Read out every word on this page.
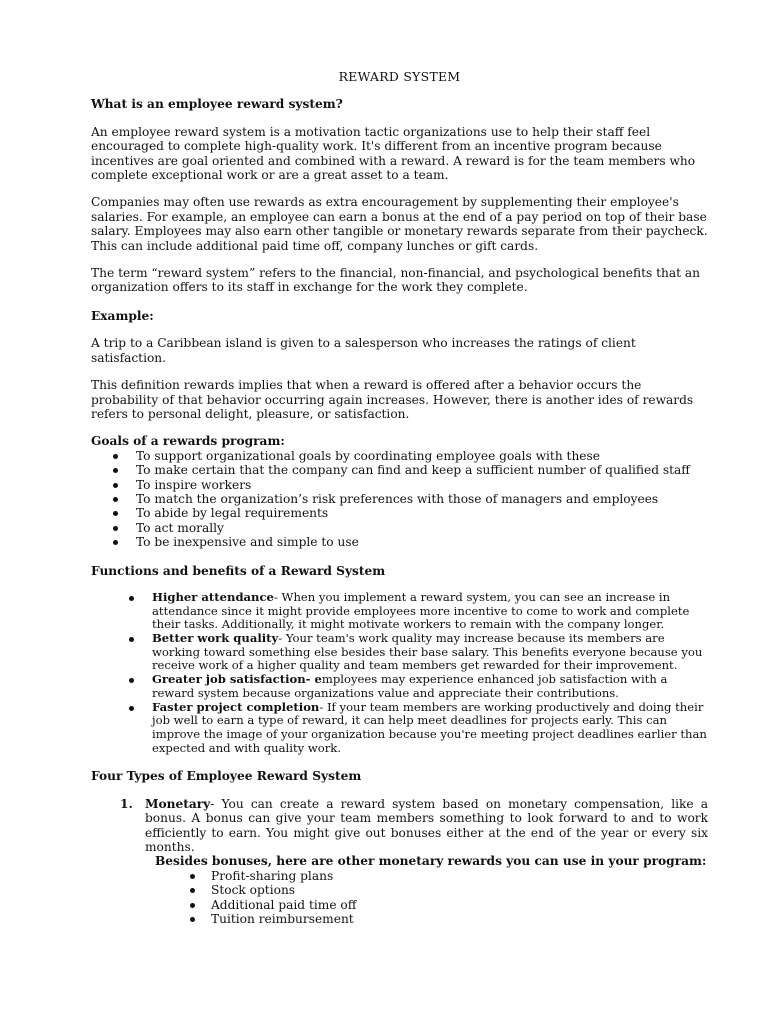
REWARD SYSTEM

What is an employee reward system?

An employee reward system is a motivation tactic organizations use to help their staff feel encouraged to complete high-quality work. It's different from an incentive program because incentives are goal oriented and combined with a reward. A reward is for the team members who complete exceptional work or are a great asset to a team.

Companies may often use rewards as extra encouragement by supplementing their employee's salaries. For example, an employee can earn a bonus at the end of a pay period on top of their base salary. Employees may also earn other tangible or monetary rewards separate from their paycheck. This can include additional paid time off, company lunches or gift cards.

The term “reward system” refers to the financial, non-financial, and psychological benefits that an organization offers to its staff in exchange for the work they complete.

Example:

A trip to a Caribbean island is given to a salesperson who increases the ratings of client satisfaction.

This definition rewards implies that when a reward is offered after a behavior occurs the probability of that behavior occurring again increases. However, there is another ides of rewards refers to personal delight, pleasure, or satisfaction.

Goals of a rewards program:

To support organizational goals by coordinating employee goals with these
To make certain that the company can find and keep a sufficient number of qualified staff
To inspire workers
To match the organization’s risk preferences with those of managers and employees
To abide by legal requirements
To act morally
To be inexpensive and simple to use

Functions and benefits of a Reward System

Higher attendance- When you implement a reward system, you can see an increase in attendance since it might provide employees more incentive to come to work and complete their tasks. Additionally, it might motivate workers to remain with the company longer.
Better work quality- Your team's work quality may increase because its members are working toward something else besides their base salary. This benefits everyone because you receive work of a higher quality and team members get rewarded for their improvement.
Greater job satisfaction- employees may experience enhanced job satisfaction with a reward system because organizations value and appreciate their contributions.
Faster project completion- If your team members are working productively and doing their job well to earn a type of reward, it can help meet deadlines for projects early. This can improve the image of your organization because you're meeting project deadlines earlier than expected and with quality work.

Four Types of Employee Reward System

1. Monetary- You can create a reward system based on monetary compensation, like a bonus. A bonus can give your team members something to look forward to and to work efficiently to earn. You might give out bonuses either at the end of the year or every six months.

Besides bonuses, here are other monetary rewards you can use in your program:

Profit-sharing plans
Stock options
Additional paid time off
Tuition reimbursement
